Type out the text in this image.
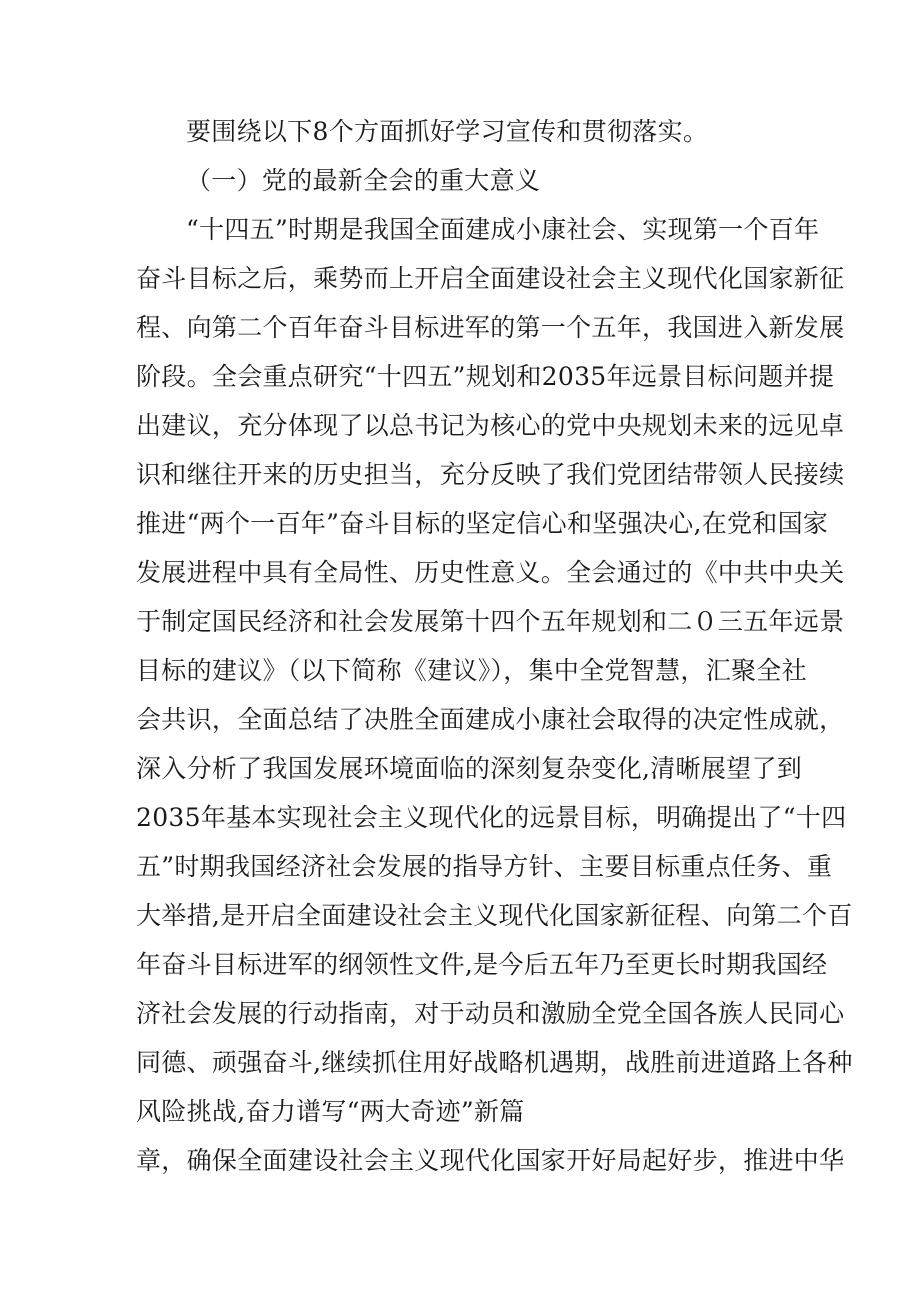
要围绕以下8个方面抓好学习宣传和贯彻落实。
（一）党的最新全会的重大意义
“十四五”时期是我国全面建成小康社会、实现第一个百年
奋斗目标之后，乘势而上开启全面建设社会主义现代化国家新征
程、向第二个百年奋斗目标进军的第一个五年，我国进入新发展
阶段。全会重点研究“十四五”规划和2035年远景目标问题并提
出建议，充分体现了以总书记为核心的党中央规划未来的远见卓
识和继往开来的历史担当，充分反映了我们党团结带领人民接续
推进“两个一百年”奋斗目标的坚定信心和坚强决心,在党和国家
发展进程中具有全局性、历史性意义。全会通过的《中共中央关
于制定国民经济和社会发展第十四个五年规划和二０三五年远景
目标的建议》（以下简称《建议》），集中全党智慧，汇聚全社
会共识，全面总结了决胜全面建成小康社会取得的决定性成就，
深入分析了我国发展环境面临的深刻复杂变化,清晰展望了到
2035年基本实现社会主义现代化的远景目标，明确提出了“十四
五”时期我国经济社会发展的指导方针、主要目标重点任务、重
大举措,是开启全面建设社会主义现代化国家新征程、向第二个百
年奋斗目标进军的纲领性文件,是今后五年乃至更长时期我国经
济社会发展的行动指南，对于动员和激励全党全国各族人民同心
同德、顽强奋斗,继续抓住用好战略机遇期，战胜前进道路上各种
风险挑战,奋力谱写“两大奇迹”新篇
章，确保全面建设社会主义现代化国家开好局起好步，推进中华
